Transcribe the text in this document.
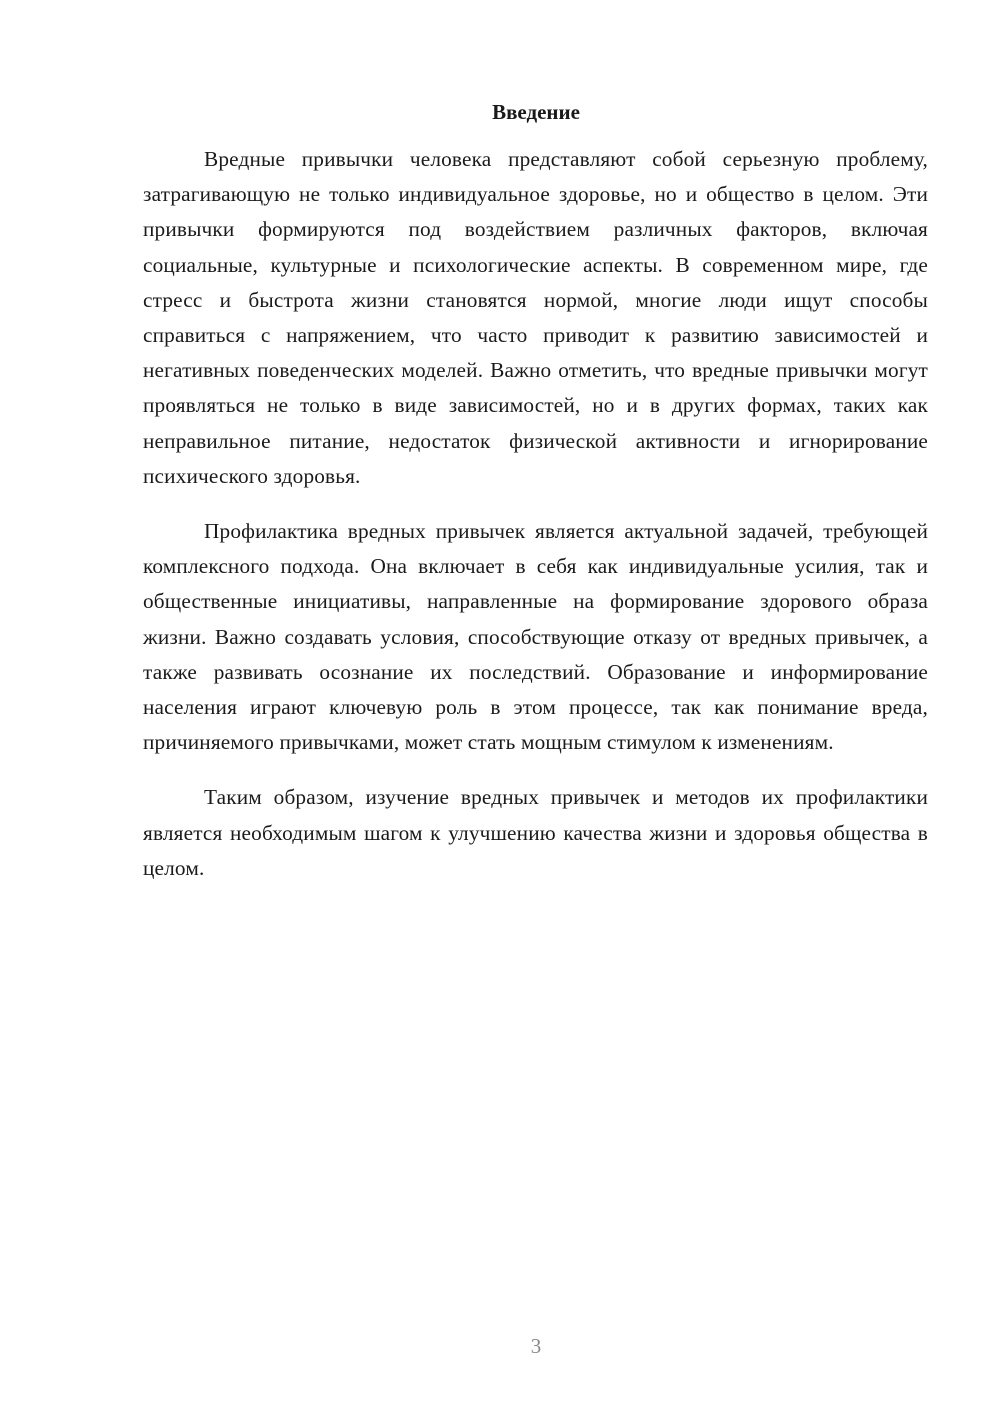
Введение

Вредные привычки человека представляют собой серьезную проблему, затрагивающую не только индивидуальное здоровье, но и общество в целом. Эти привычки формируются под воздействием различных факторов, включая социальные, культурные и психологические аспекты. В современном мире, где стресс и быстрота жизни становятся нормой, многие люди ищут способы справиться с напряжением, что часто приводит к развитию зависимостей и негативных поведенческих моделей. Важно отметить, что вредные привычки могут проявляться не только в виде зависимостей, но и в других формах, таких как неправильное питание, недостаток физической активности и игнорирование психического здоровья.

Профилактика вредных привычек является актуальной задачей, требующей комплексного подхода. Она включает в себя как индивидуальные усилия, так и общественные инициативы, направленные на формирование здорового образа жизни. Важно создавать условия, способствующие отказу от вредных привычек, а также развивать осознание их последствий. Образование и информирование населения играют ключевую роль в этом процессе, так как понимание вреда, причиняемого привычками, может стать мощным стимулом к изменениям.

Таким образом, изучение вредных привычек и методов их профилактики является необходимым шагом к улучшению качества жизни и здоровья общества в целом.

3
